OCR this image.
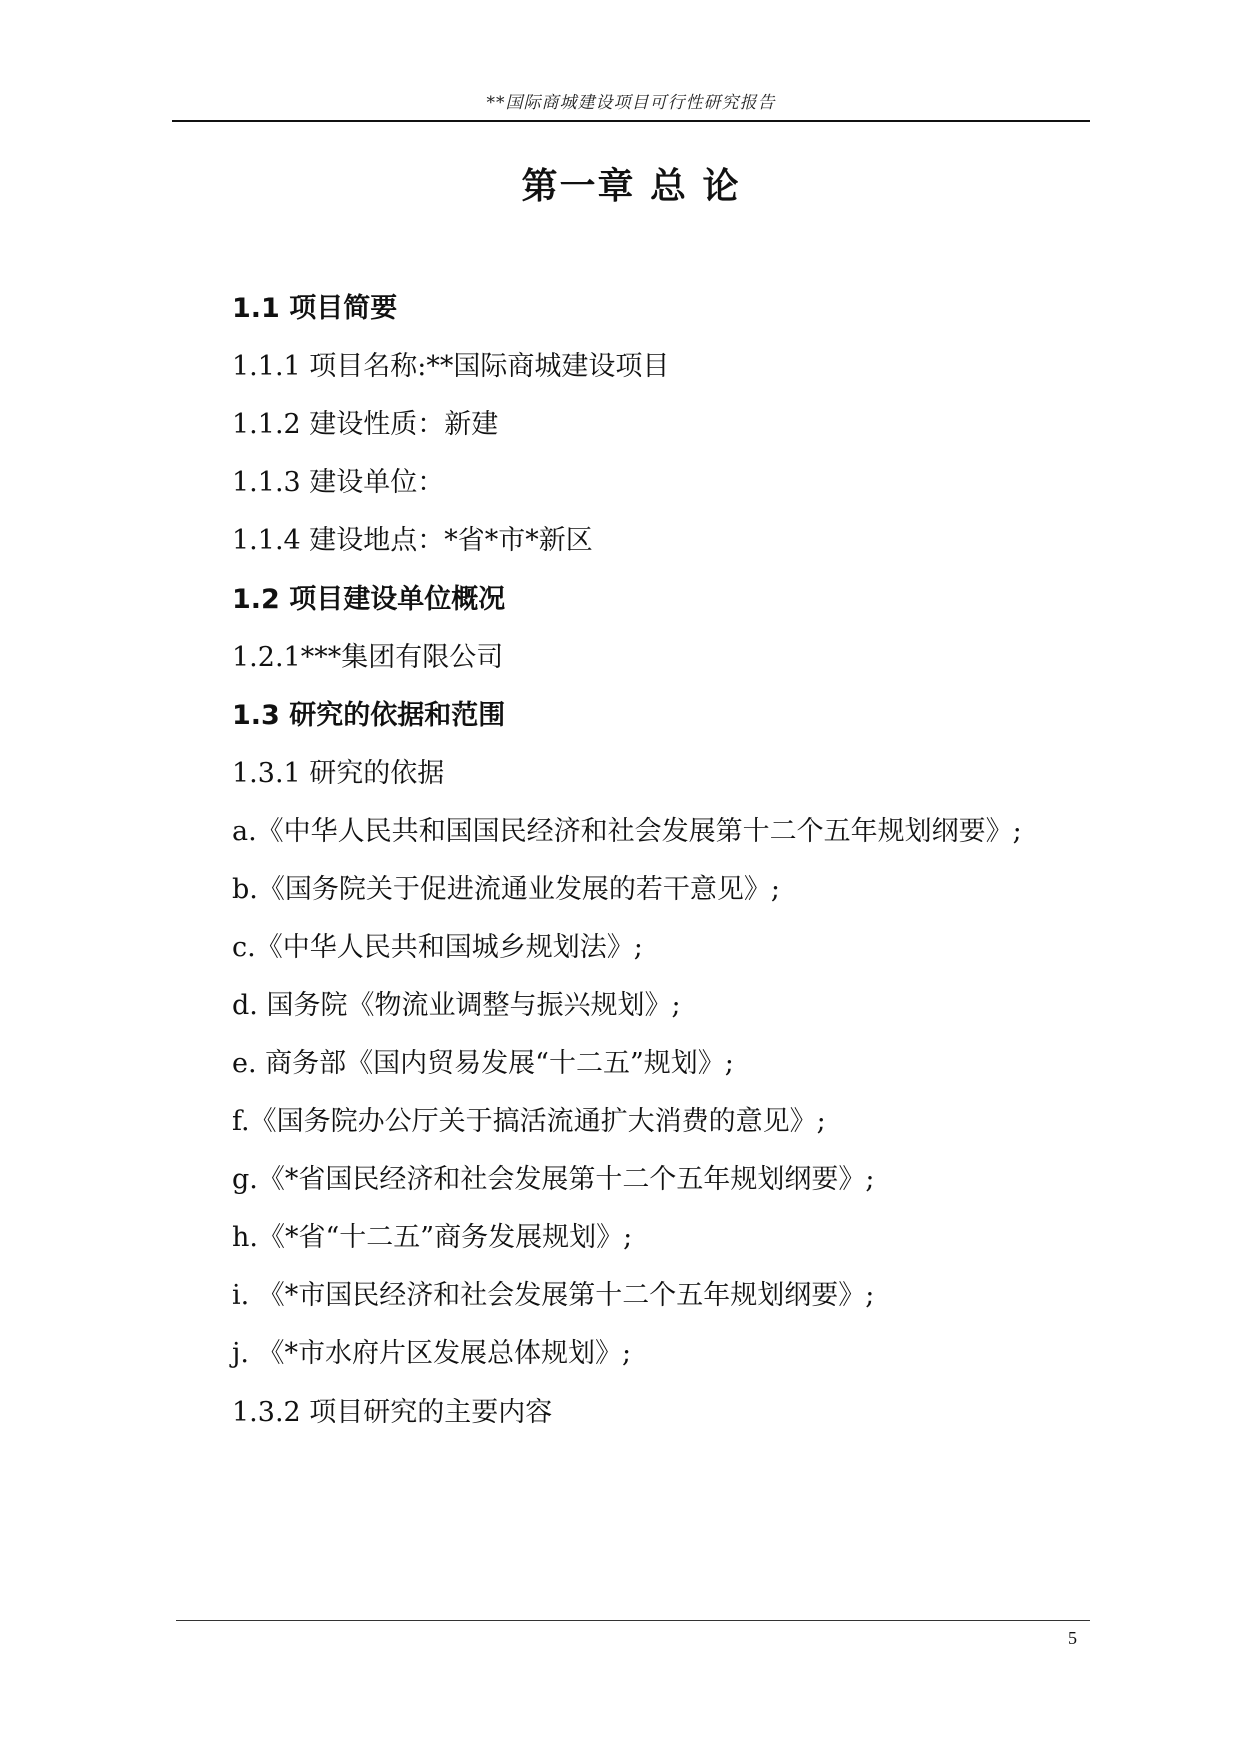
**国际商城建设项目可行性研究报告
第一章 总 论
1.1 项目简要
1.1.1 项目名称:**国际商城建设项目
1.1.2 建设性质：新建
1.1.3 建设单位：
1.1.4 建设地点：*省*市*新区
1.2 项目建设单位概况
1.2.1***集团有限公司
1.3 研究的依据和范围
1.3.1 研究的依据
a.《中华人民共和国国民经济和社会发展第十二个五年规划纲要》;
b.《国务院关于促进流通业发展的若干意见》;
c.《中华人民共和国城乡规划法》;
d. 国务院《物流业调整与振兴规划》;
e. 商务部《国内贸易发展“十二五”规划》;
f.《国务院办公厅关于搞活流通扩大消费的意见》;
g.《*省国民经济和社会发展第十二个五年规划纲要》;
h.《*省“十二五”商务发展规划》;
i. 《*市国民经济和社会发展第十二个五年规划纲要》;
j. 《*市水府片区发展总体规划》;
1.3.2 项目研究的主要内容
5
